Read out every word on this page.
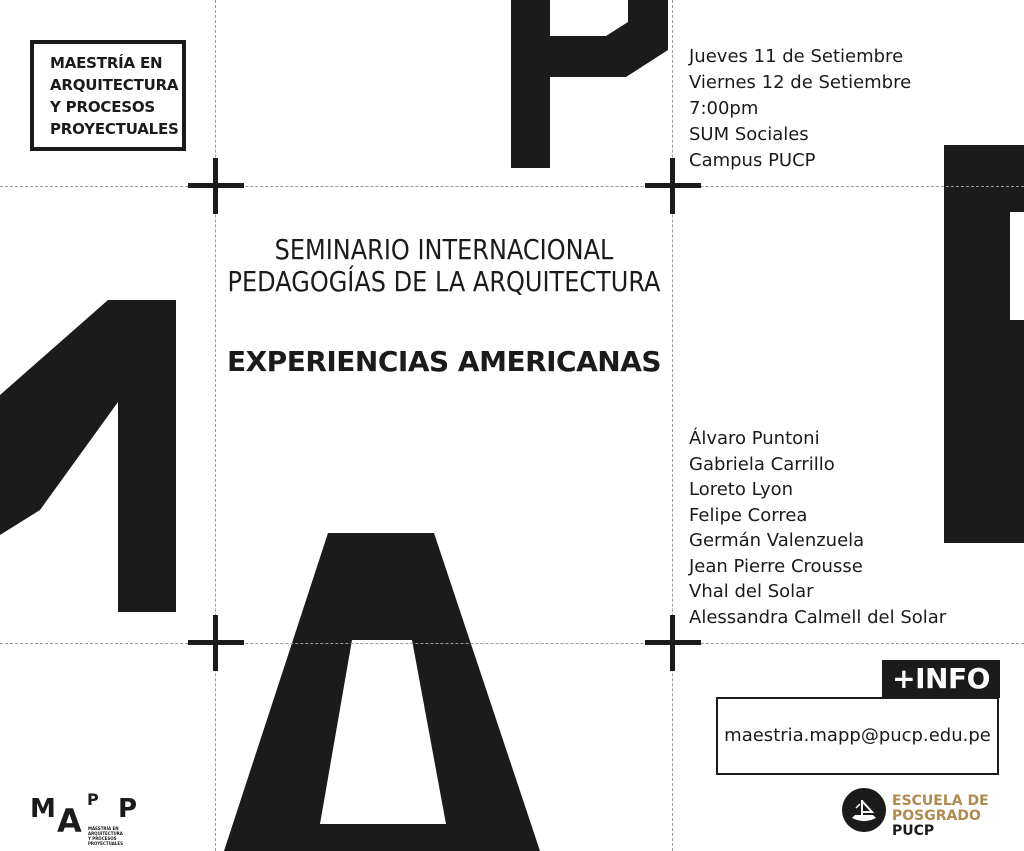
MAESTRÍA EN
ARQUITECTURA
Y PROCESOS
PROYECTUALES
Jueves 11 de Setiembre
Viernes 12 de Setiembre
7:00pm
SUM Sociales
Campus PUCP
SEMINARIO INTERNACIONAL
PEDAGOGÍAS DE LA ARQUITECTURA
EXPERIENCIAS AMERICANAS
Álvaro Puntoni
Gabriela Carrillo
Loreto Lyon
Felipe Correa
Germán Valenzuela
Jean Pierre Crousse
Vhal del Solar
Alessandra Calmell del Solar
+INFO
maestria.mapp@pucp.edu.pe
M A
P P
MAESTRÍA EN
ARQUITECTURA
Y PROCESOS
PROYECTUALES
ESCUELA DE
POSGRADO
PUCP
